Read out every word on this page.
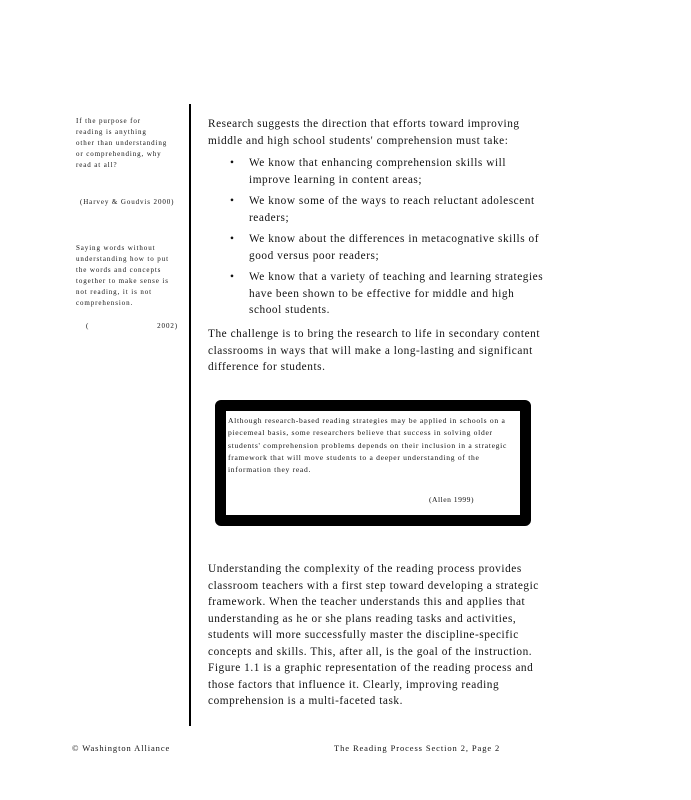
If the purpose for reading is anything other than understanding or comprehending, why read at all?

(Harvey & Goudvis 2000)

Saying words without understanding how to put the words and concepts together to make sense is not reading, it is not comprehension.

(	2002)

Research suggests the direction that efforts toward improving middle and high school students' comprehension must take:

• We know that enhancing comprehension skills will improve learning in content areas;
• We know some of the ways to reach reluctant adolescent readers;
• We know about the differences in metacognative skills of good versus poor readers;
• We know that a variety of teaching and learning strategies have been shown to be effective for middle and high school students.

The challenge is to bring the research to life in secondary content classrooms in ways that will make a long-lasting and significant difference for students.

Although research-based reading strategies may be applied in schools on a piecemeal basis, some researchers believe that success in solving older students' comprehension problems depends on their inclusion in a strategic framework that will move students to a deeper understanding of the information they read.

(Allen 1999)

Understanding the complexity of the reading process provides classroom teachers with a first step toward developing a strategic framework. When the teacher understands this and applies that understanding as he or she plans reading tasks and activities, students will more successfully master the discipline-specific concepts and skills. This, after all, is the goal of the instruction. Figure 1.1 is a graphic representation of the reading process and those factors that influence it. Clearly, improving reading comprehension is a multi-faceted task.

© Washington Alliance	The Reading Process Section 2, Page 2
